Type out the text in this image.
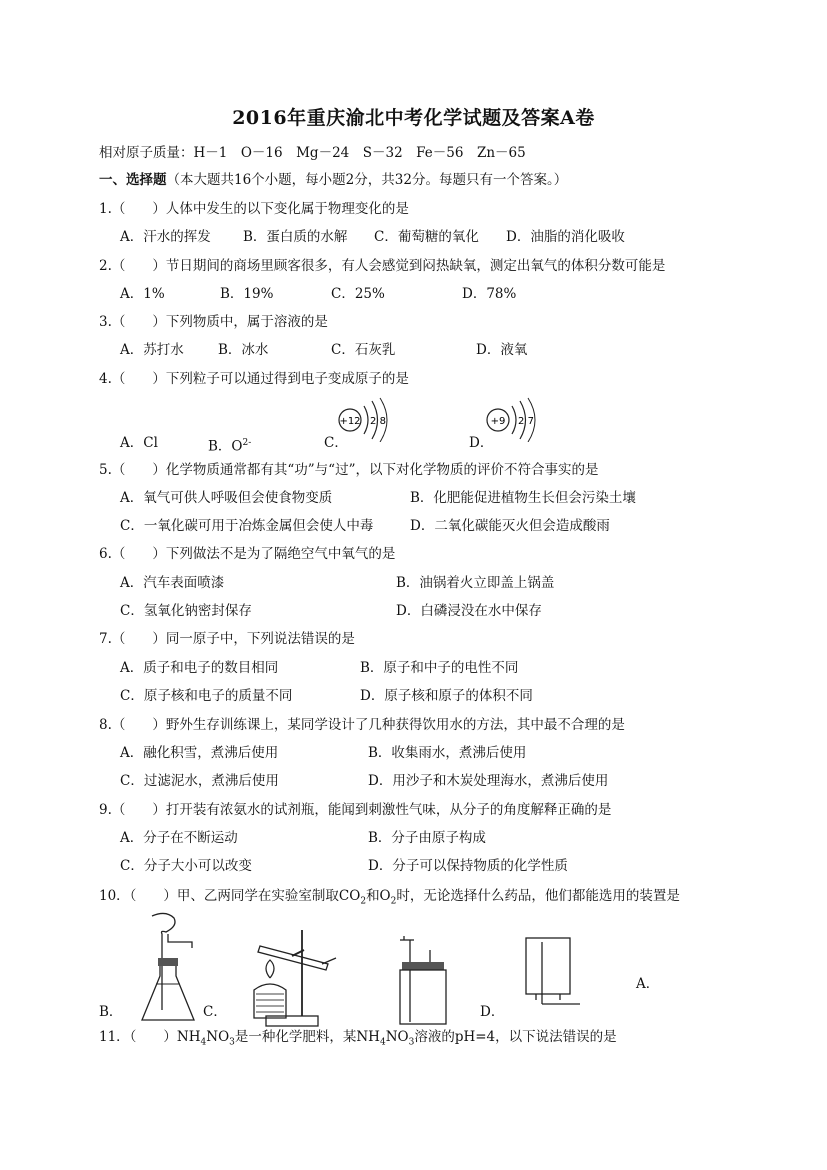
2016年重庆渝北中考化学试题及答案A卷
相对原子质量：H－1　O－16　Mg－24　S－32　Fe－56　Zn－65
一、选择题（本大题共16个小题，每小题2分，共32分。每题只有一个答案。）
1.（　　）人体中发生的以下变化属于物理变化的是
A．汗水的挥发 B．蛋白质的水解 C．葡萄糖的氧化 D．油脂的消化吸收
2.（　　）节日期间的商场里顾客很多，有人会感觉到闷热缺氧，测定出氧气的体积分数可能是
A．1%	B．19%	C．25%	D．78%
3.（　　）下列物质中，属于溶液的是
A．苏打水	B．冰水	C．石灰乳	D．液氧
4.（　　）下列粒子可以通过得到电子变成原子的是
A．Cl	B．$O^{2-}$	C．	D．
+12 2 8	+9 2 7
5.（　　）化学物质通常都有其“功”与“过”，以下对化学物质的评价不符合事实的是
A．氧气可供人呼吸但会使食物变质	B．化肥能促进植物生长但会污染土壤
C．一氧化碳可用于冶炼金属但会使人中毒	D．二氧化碳能灭火但会造成酸雨
6.（　　）下列做法不是为了隔绝空气中氧气的是
A．汽车表面喷漆	B．油锅着火立即盖上锅盖
C．氢氧化钠密封保存	D．白磷浸没在水中保存
7.（　　）同一原子中，下列说法错误的是
A．质子和电子的数目相同	B．原子和中子的电性不同
C．原子核和电子的质量不同	D．原子核和原子的体积不同
8.（　　）野外生存训练课上，某同学设计了几种获得饮用水的方法，其中最不合理的是
A．融化积雪，煮沸后使用	B．收集雨水，煮沸后使用
C．过滤泥水，煮沸后使用	D．用沙子和木炭处理海水，煮沸后使用
9.（　　）打开装有浓氨水的试剂瓶，能闻到刺激性气味，从分子的角度解释正确的是
A．分子在不断运动	B．分子由原子构成
C．分子大小可以改变	D．分子可以保持物质的化学性质
10．（　　）甲、乙两同学在实验室制取$CO_2$和$O_2$时，无论选择什么药品，他们都能选用的装置是
B．	C．	D．
A．
11．（　　）$NH_4NO_3$是一种化学肥料，某$NH_4NO_3$溶液的pH=4，以下说法错误的是
